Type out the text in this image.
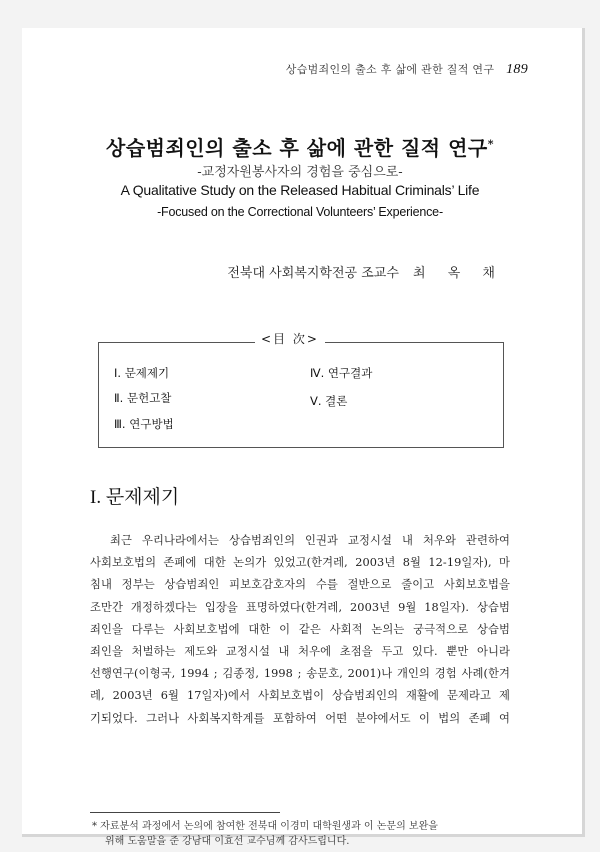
상습범죄인의 출소 후 삶에 관한 질적 연구 189
상습범죄인의 출소 후 삶에 관한 질적 연구*
-교정자원봉사자의 경험을 중심으로-
A Qualitative Study on the Released Habitual Criminals’ Life
-Focused on the Correctional Volunteers’ Experience-
전북대 사회복지학전공 조교수 최 옥 채
<目 次>
Ⅰ. 문제제기
Ⅱ. 문헌고찰
Ⅲ. 연구방법
Ⅳ. 연구결과
Ⅴ. 결론
I. 문제제기
최근 우리나라에서는 상습범죄인의 인권과 교정시설 내 처우와 관련하여
사회보호법의 존폐에 대한 논의가 있었고(한겨레, 2003년 8월 12-19일자), 마
침내 정부는 상습범죄인 피보호감호자의 수를 절반으로 줄이고 사회보호법을
조만간 개정하겠다는 입장을 표명하였다(한겨레, 2003년 9월 18일자). 상습범
죄인을 다루는 사회보호법에 대한 이 같은 사회적 논의는 궁극적으로 상습범
죄인을 처벌하는 제도와 교정시설 내 처우에 초점을 두고 있다. 뿐만 아니라
선행연구(이형국, 1994 ; 김종정, 1998 ; 송문호, 2001)나 개인의 경험 사례(한겨
레, 2003년 6월 17일자)에서 사회보호법이 상습범죄인의 재활에 문제라고 제
기되었다. 그러나 사회복지학계를 포함하여 어떤 분야에서도 이 법의 존폐 여
* 자료분석 과정에서 논의에 참여한 전북대 이경미 대학원생과 이 논문의 보완을
위해 도움말을 준 강남대 이효선 교수님께 감사드립니다.
